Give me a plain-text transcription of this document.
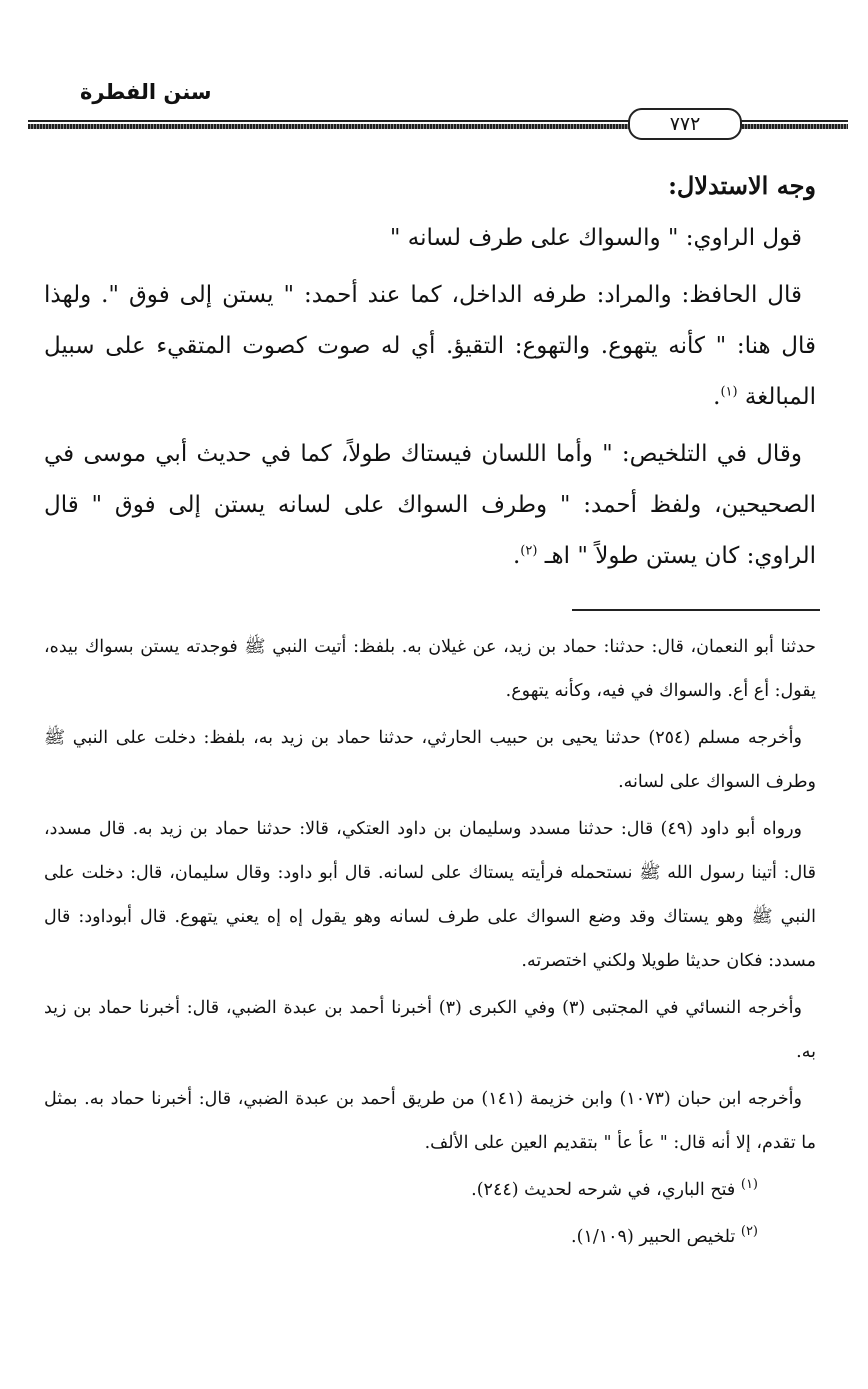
سنن الفطرة
٧٧٢

وجه الاستدلال:

قول الراوي: " والسواك على طرف لسانه "

قال الحافظ: والمراد: طرفه الداخل، كما عند أحمد: " يستن إلى فوق ". ولهذا قال هنا: " كأنه يتهوع. والتهوع: التقيؤ. أي له صوت كصوت المتقيء على سبيل المبالغة $^{(١)}$.

وقال في التلخيص: " وأما اللسان فيستاك طولاً، كما في حديث أبي موسى في الصحيحين، ولفظ أحمد: " وطرف السواك على لسانه يستن إلى فوق " قال الراوي: كان يستن طولاً " اهـ $^{(٢)}$.

حدثنا أبو النعمان، قال: حدثنا: حماد بن زيد، عن غيلان به. بلفظ: أتيت النبي ﷺ فوجدته يستن بسواك بيده، يقول: أع أع. والسواك في فيه، وكأنه يتهوع.

وأخرجه مسلم (٢٥٤) حدثنا يحيى بن حبيب الحارثي، حدثنا حماد بن زيد به، بلفظ: دخلت على النبي ﷺ وطرف السواك على لسانه.

ورواه أبو داود (٤٩) قال: حدثنا مسدد وسليمان بن داود العتكي، قالا: حدثنا حماد بن زيد به. قال مسدد، قال: أتينا رسول الله ﷺ نستحمله فرأيته يستاك على لسانه. قال أبو داود: وقال سليمان، قال: دخلت على النبي ﷺ وهو يستاك وقد وضع السواك على طرف لسانه وهو يقول إه إه يعني يتهوع. قال أبوداود: قال مسدد: فكان حديثا طويلا ولكني اختصرته.

وأخرجه النسائي في المجتبى (٣) وفي الكبرى (٣) أخبرنا أحمد بن عبدة الضبي، قال: أخبرنا حماد بن زيد به.

وأخرجه ابن حبان (١٠٧٣) وابن خزيمة (١٤١) من طريق أحمد بن عبدة الضبي، قال: أخبرنا حماد به. بمثل ما تقدم، إلا أنه قال: " عأ عأ " بتقديم العين على الألف.

$^{(١)}$ فتح الباري، في شرحه لحديث (٢٤٤).

$^{(٢)}$ تلخيص الحبير (١/١٠٩).
